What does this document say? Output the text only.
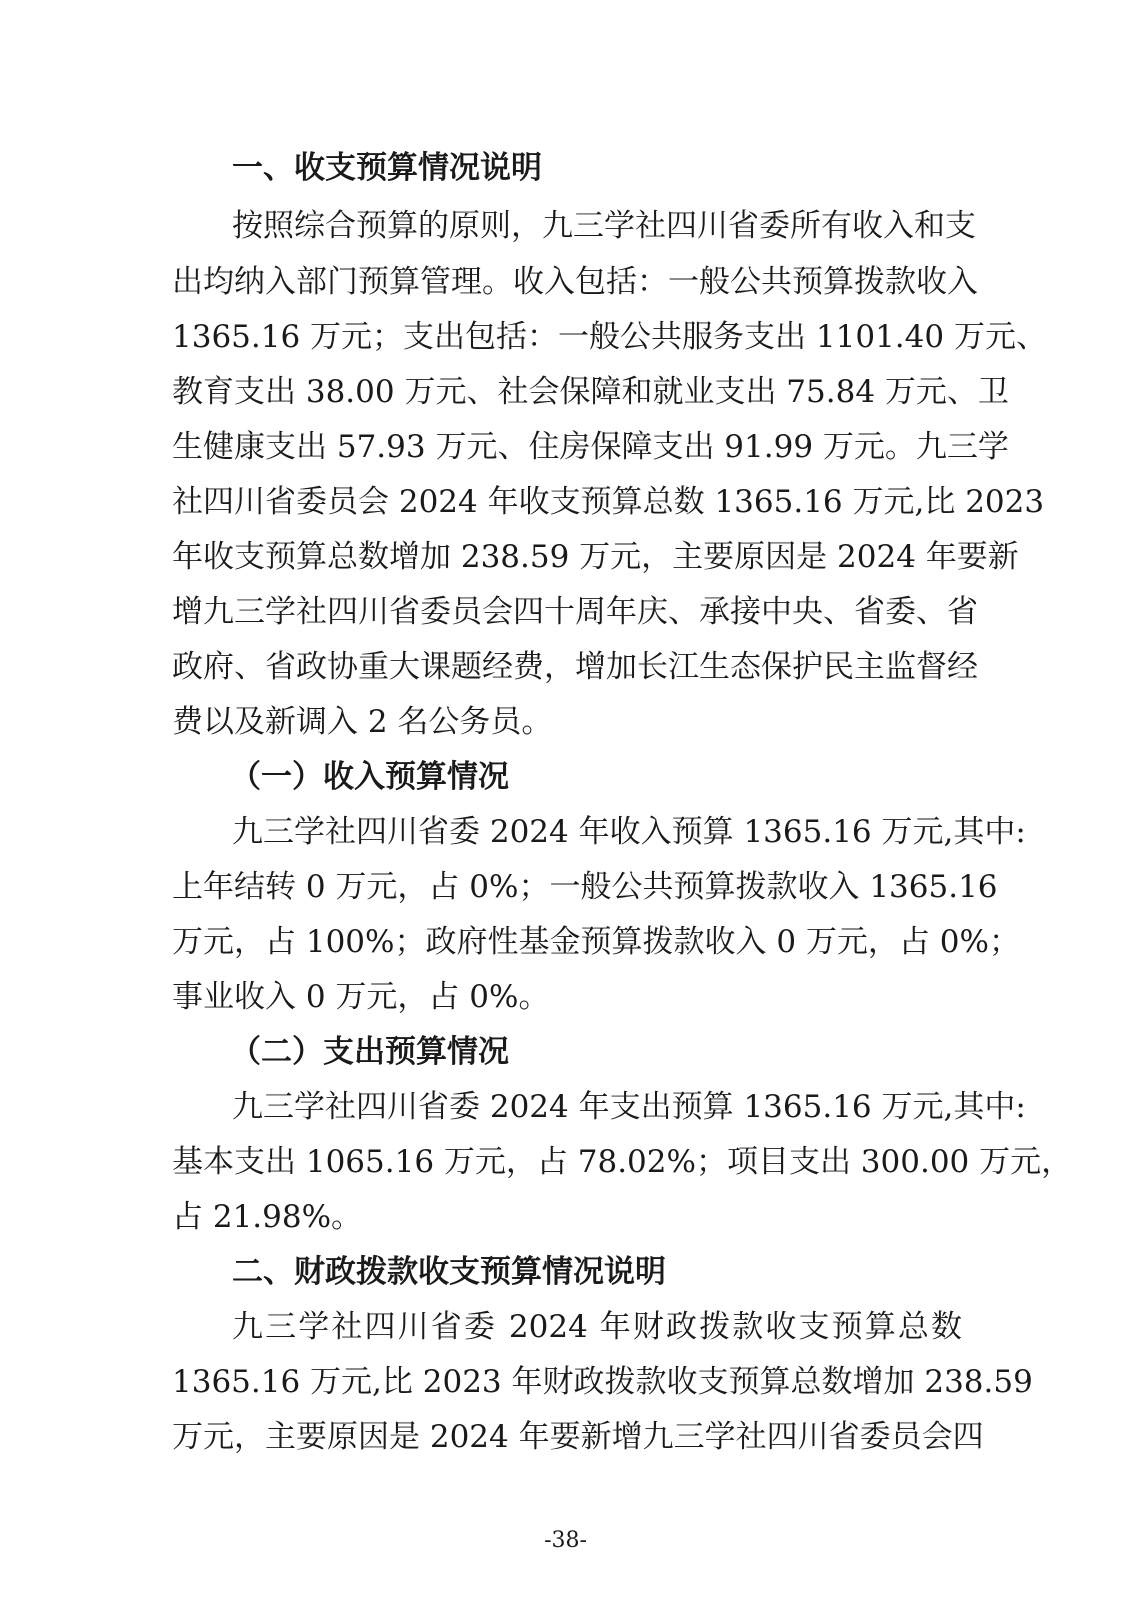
一、收支预算情况说明
按照综合预算的原则，九三学社四川省委所有收入和支
出均纳入部门预算管理。收入包括：一般公共预算拨款收入
1365.16 万元；支出包括：一般公共服务支出 1101.40 万元、
教育支出 38.00 万元、社会保障和就业支出 75.84 万元、卫
生健康支出 57.93 万元、住房保障支出 91.99 万元。九三学
社四川省委员会 2024 年收支预算总数 1365.16 万元,比 2023
年收支预算总数增加 238.59 万元，主要原因是 2024 年要新
增九三学社四川省委员会四十周年庆、承接中央、省委、省
政府、省政协重大课题经费，增加长江生态保护民主监督经
费以及新调入 2 名公务员。
（一）收入预算情况
九三学社四川省委 2024 年收入预算 1365.16 万元,其中:
上年结转 0 万元，占 0%；一般公共预算拨款收入 1365.16
万元，占 100%；政府性基金预算拨款收入 0 万元，占 0%；
事业收入 0 万元，占 0%。
（二）支出预算情况
九三学社四川省委 2024 年支出预算 1365.16 万元,其中:
基本支出 1065.16 万元，占 78.02%；项目支出 300.00 万元，
占 21.98%。
二、财政拨款收支预算情况说明
九三学社四川省委 2024 年财政拨款收支预算总数
1365.16 万元,比 2023 年财政拨款收支预算总数增加 238.59
万元，主要原因是 2024 年要新增九三学社四川省委员会四
-38-
